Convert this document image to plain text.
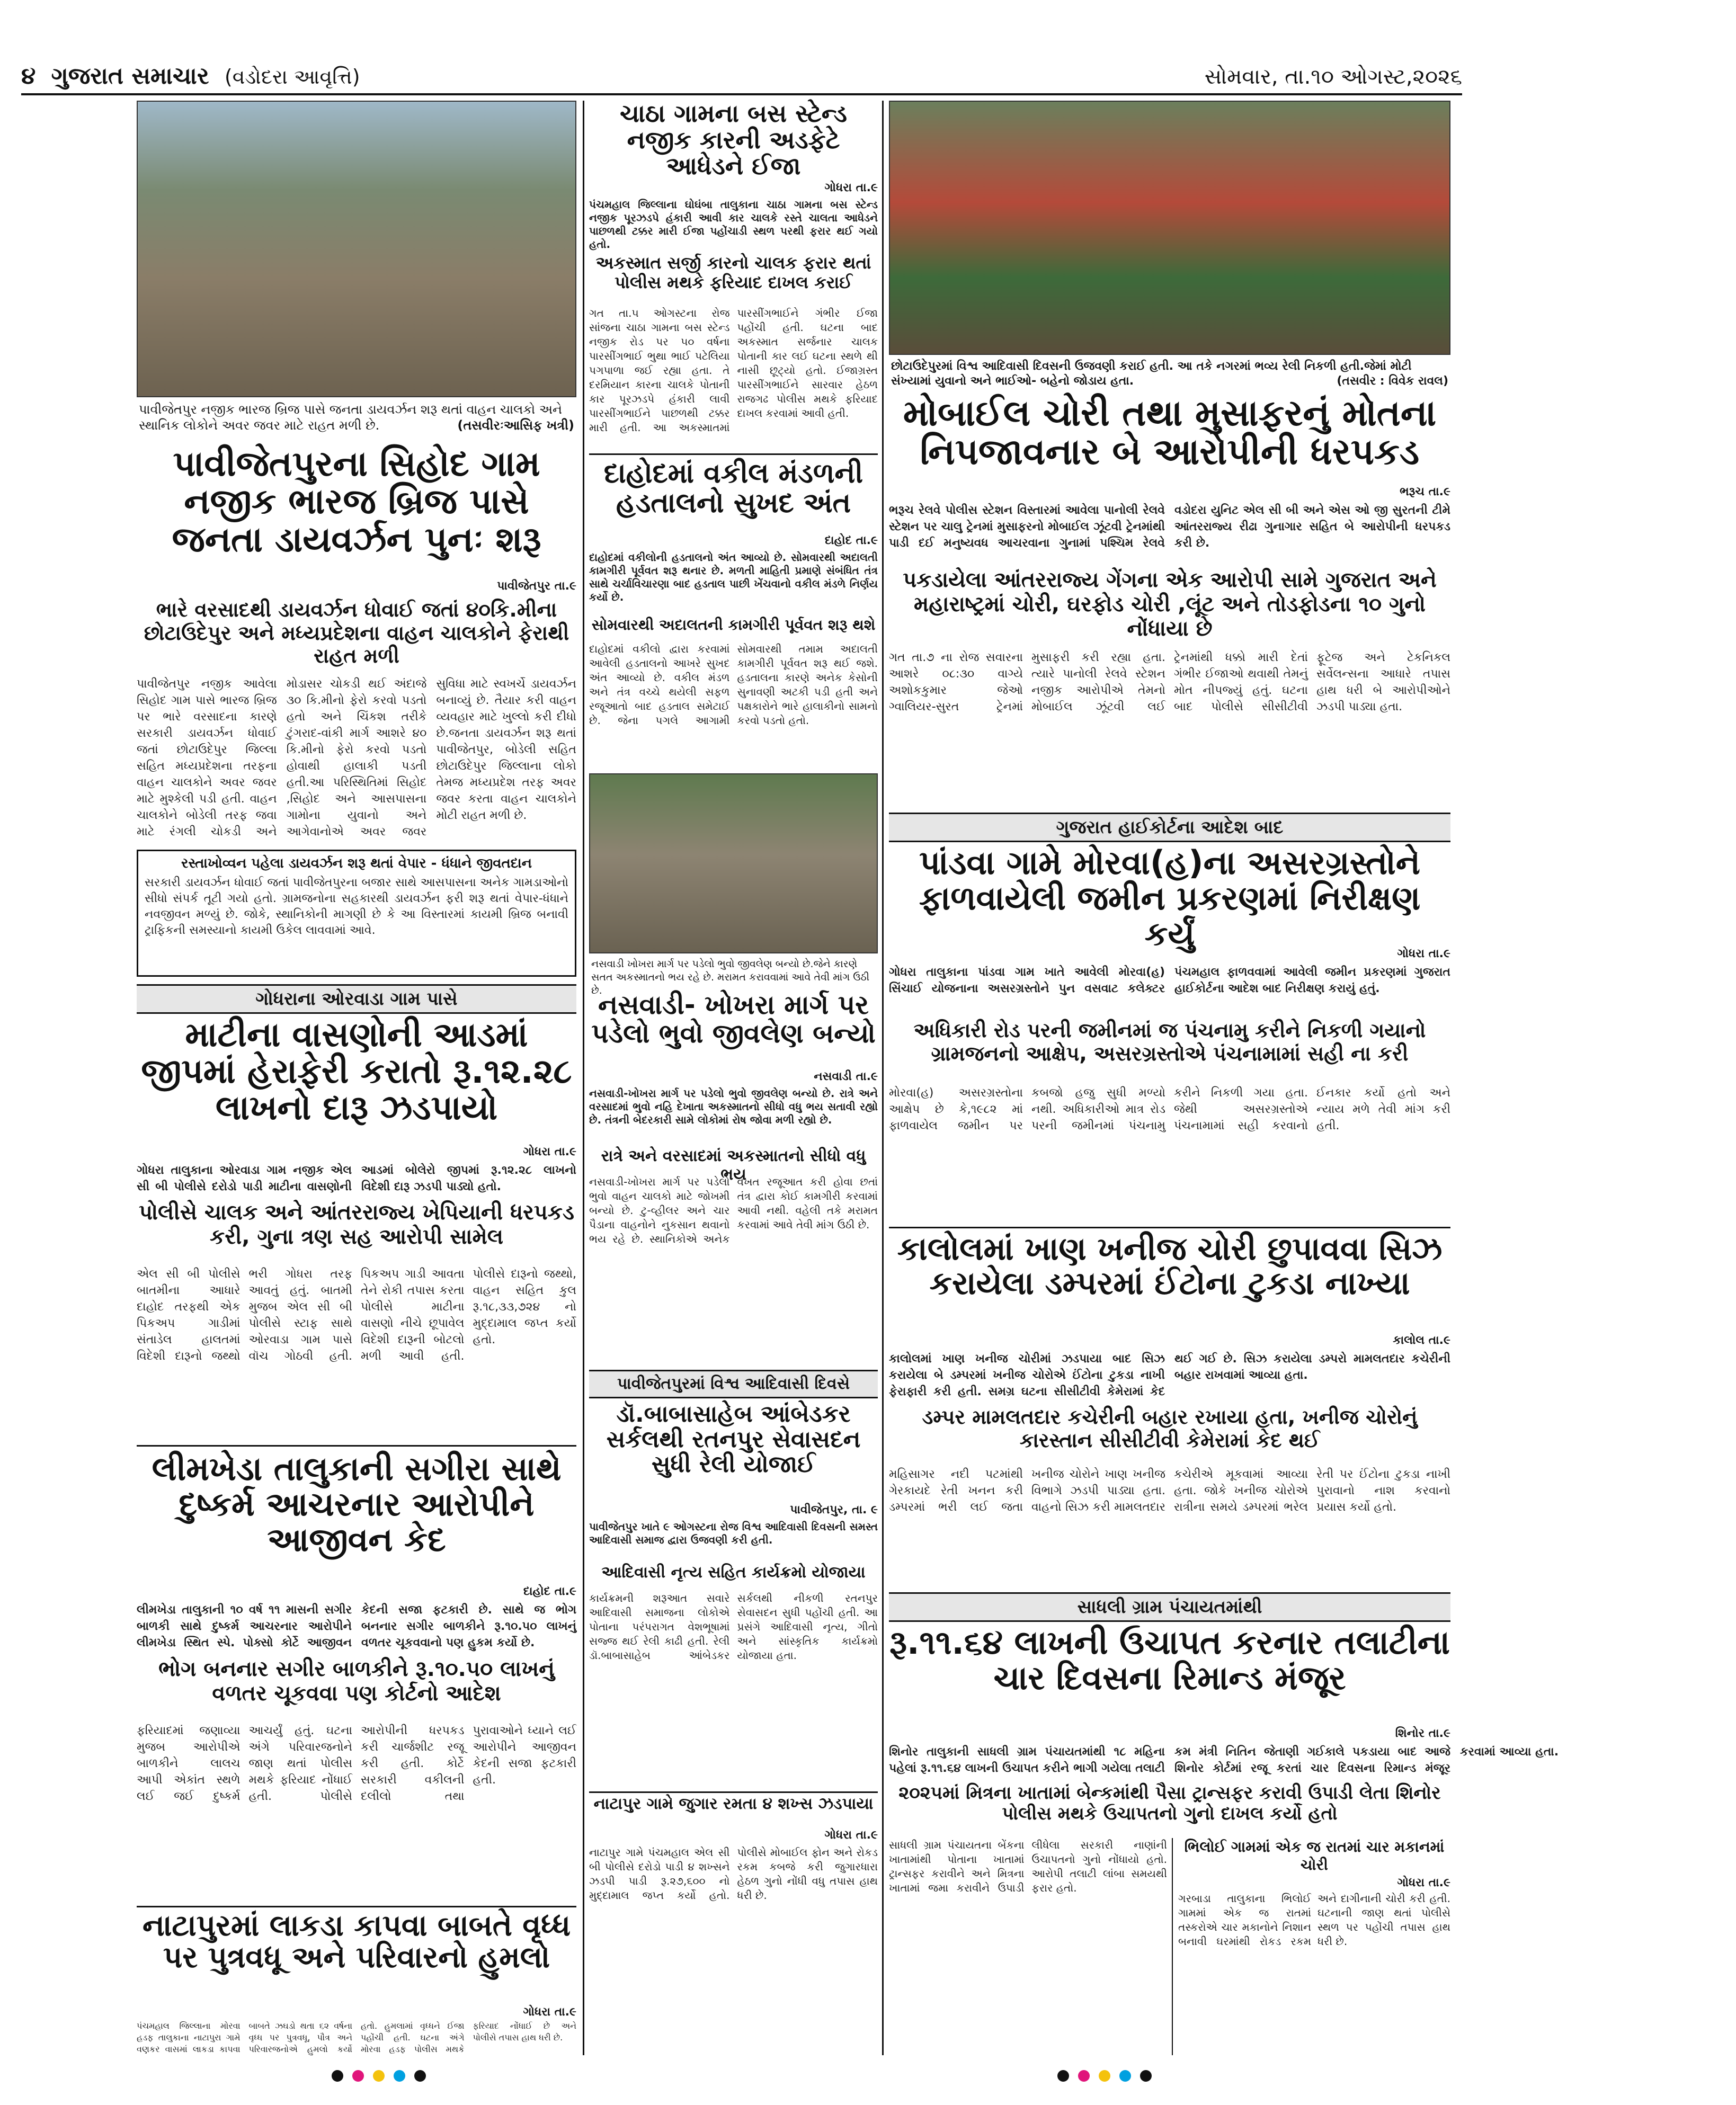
૪ ગુજરાત સમાચાર (વડોદરા આવૃત્તિ)	સોમવાર, તા.૧૦ ઓગસ્ટ,૨૦૨૬
પાવીજેતપુર નજીક ભારજ બ્રિજ પાસે જનતા ડાયવર્ઝન શરૂ થતાં વાહન ચાલકો અને સ્થાનિક લોકોને અવર જવર માટે રાહત મળી છે.	(તસવીરઃઆસિફ ખત્રી)
પાવીજેતપુરના સિહોદ ગામ નજીક ભારજ બ્રિજ પાસે જનતા ડાયવર્ઝન પુનઃ શરૂ
પાવીજેતપુર તા.૯
ભારે વરસાદથી ડાયવર્ઝન ધોવાઈ જતાં ૪૦કિ.મીના છોટાઉદેપુર અને મધ્યપ્રદેશના વાહન ચાલકોને ફેરાથી રાહત મળી
પાવીજેતપુર નજીક આવેલા સિહોદ ગામ પાસે ભારજ બ્રિજ પર ભારે વરસાદના કારણે સરકારી ડાયવર્ઝન ધોવાઈ જતાં છોટાઉદેપુર જિલ્લા સહિત મધ્યપ્રદેશના તરફના વાહન ચાલકોને અવર જવર માટે મુશ્કેલી પડી હતી. વાહન ચાલકોને બોડેલી તરફ જવા માટે રંગલી ચોકડી અને મોડાસર ચોકડી થઈ અંદાજે ૩૦ કિ.મીનો ફેરો કરવો પડતો હતો અને ચિંકશ તરીકે ટુંગરાદ-વાંકી માર્ગ આશરે ૪૦ કિ.મીનો ફેરો કરવો પડતો હોવાથી હાલાકી પડતી હતી.આ પરિસ્થિતિમાં સિહોદ ,સિહોદ અને આસપાસના ગામોના યુવાનો અને આગેવાનોએ અવર જવર સુવિધા માટે સ્વખર્ચે ડાયવર્ઝન બનાવ્યું છે. તૈયાર કરી વાહન વ્યવહાર માટે ખુલ્લો કરી દીધો છે.જનતા ડાયવર્ઝન શરૂ થતાં પાવીજેતપુર, બોડેલી સહિત છોટાઉદેપુર જિલ્લાના લોકો તેમજ મધ્યપ્રદેશ તરફ અવર જવર કરતા વાહન ચાલકોને મોટી રાહત મળી છે.
રસ્તાખોવ્વન પહેલા ડાયવર્ઝન શરૂ થતાં વેપાર - ધંધાને જીવતદાન
સરકારી ડાયવર્ઝન ધોવાઈ જતાં પાવીજેતપુરના બજાર સાથે આસપાસના અનેક ગામડાઓનો સીધો સંપર્ક તૂટી ગયો હતો. ગ્રામજનોના સહકારથી ડાયવર્ઝન ફરી શરૂ થતાં વેપાર-ધંધાને નવજીવન મળ્યું છે. જોકે, સ્થાનિકોની માગણી છે કે આ વિસ્તારમાં કાયમી બ્રિજ બનાવી ટ્રાફિકની સમસ્યાનો કાયમી ઉકેલ લાવવામાં આવે.
ગોધરાના ઓરવાડા ગામ પાસે
માટીના વાસણોની આડમાં જીપમાં હેરાફેરી કરાતો રૂ.૧૨.૨૮ લાખનો દારૂ ઝડપાયો
ગોધરા તા.૯
ગોધરા તાલુકાના ઓરવાડા ગામ નજીક એલ સી બી પોલીસે દરોડો પાડી માટીના વાસણોની આડમાં બોલેરો જીપમાં રૂ.૧૨.૨૮ લાખનો વિદેશી દારૂ ઝડપી પાડ્યો હતો.
પોલીસે ચાલક અને આંતરરાજ્ય ખેપિયાની ધરપકડ કરી, ગુના ત્રણ સહ આરોપી સામેલ
એલ સી બી પોલીસે બાતમીના આધારે દાહોદ તરફથી એક પિકઅપ ગાડીમાં સંતાડેલ હાલતમાં વિદેશી દારૂનો જથ્થો ભરી ગોધરા તરફ આવતું હતું. બાતમી મુજબ એલ સી બી પોલીસે સ્ટાફ સાથે ઓરવાડા ગામ પાસે વૉચ ગોઠવી હતી. પિકઅપ ગાડી આવતા તેને રોકી તપાસ કરતા પોલીસે માટીના વાસણો નીચે છૂપાવેલ વિદેશી દારૂની બોટલો મળી આવી હતી. પોલીસે દારૂનો જથ્થો, વાહન સહિત કુલ રૂ.૧૮,૩૩,૭૨૪ નો મુદ્દામાલ જપ્ત કર્યો હતો.
લીમખેડા તાલુકાની સગીરા સાથે દુષ્કર્મ આચરનાર આરોપીને આજીવન કેદ
દાહોદ તા.૯
લીમખેડા તાલુકાની ૧૦ વર્ષ ૧૧ માસની સગીર બાળકી સાથે દુષ્કર્મ આચરનાર આરોપીને લીમખેડા સ્થિત સ્પે. પોક્સો કોર્ટે આજીવન કેદની સજા ફટકારી છે. સાથે જ ભોગ બનનાર સગીર બાળકીને રૂ.૧૦.૫૦ લાખનું વળતર ચૂકવવાનો પણ હુકમ કર્યો છે.
ભોગ બનનાર સગીર બાળકીને રૂ.૧૦.૫૦ લાખનું વળતર ચૂકવવા પણ કોર્ટનો આદેશ
ફરિયાદમાં જણાવ્યા મુજબ આરોપીએ બાળકીને લાલચ આપી એકાંત સ્થળે લઈ જઈ દુષ્કર્મ આચર્યું હતું. ઘટના અંગે પરિવારજનોને જાણ થતાં પોલીસ મથકે ફરિયાદ નોંધાઈ હતી. પોલીસે આરોપીની ધરપકડ કરી ચાર્જશીટ રજૂ કરી હતી. કોર્ટે સરકારી વકીલની દલીલો તથા પુરાવાઓને ધ્યાને લઈ આરોપીને આજીવન કેદની સજા ફટકારી હતી.
નાટાપુરમાં લાકડા કાપવા બાબતે વૃધ્ધ પર પુત્રવધૂ અને પરિવારનો હુમલો
ગોધરા તા.૯
પંચમહાલ જિલ્લાના મોરવા હડફ તાલુકાના નાટાપુરા ગામે વણકર વાસમાં લાકડા કાપવા બાબતે ઝઘડો થતા ૬૨ વર્ષના વૃધ્ધ પર પુત્રવધૂ, પૌત્ર અને પરિવારજનોએ હુમલો કર્યો હતો. હુમલામાં વૃધ્ધને ઈજા પહોંચી હતી. ઘટના અંગે મોરવા હડફ પોલીસ મથકે ફરિયાદ નોંધાઈ છે અને પોલીસે તપાસ હાથ ધરી છે.
ચાઠા ગામના બસ સ્ટેન્ડ નજીક કારની અડફેટે આધેડને ઈજા
ગોધરા તા.૯
પંચમહાલ જિલ્લાના ઘોઘંબા તાલુકાના ચાઠા ગામના બસ સ્ટેન્ડ નજીક પૂરઝડપે હંકારી આવી કાર ચાલકે રસ્તે ચાલતા આધેડને પાછળથી ટક્કર મારી ઈજા પહોંચાડી સ્થળ પરથી ફરાર થઈ ગયો હતો.
અકસ્માત સર્જી કારનો ચાલક ફરાર થતાં પોલીસ મથકે ફરિયાદ દાખલ કરાઈ
ગત તા.૫ ઓગસ્ટના રોજ સાંજના ચાઠા ગામના બસ સ્ટેન્ડ નજીક રોડ પર ૫૦ વર્ષના પારસીંગભાઈ ભુથા ભાઈ પટેલિયા પગપાળા જઈ રહ્યા હતા. તે દરમિયાન કારના ચાલકે પોતાની કાર પૂરઝડપે હંકારી લાવી પારસીંગભાઈને પાછળથી ટક્કર મારી હતી. આ અકસ્માતમાં પારસીંગભાઈને ગંભીર ઈજા પહોંચી હતી. ઘટના બાદ અકસ્માત સર્જનાર ચાલક પોતાની કાર લઈ ઘટના સ્થળે થી નાસી છૂટ્યો હતો. ઈજાગ્રસ્ત પારસીંગભાઈને સારવાર હેઠળ રાજગઢ પોલીસ મથકે ફરિયાદ દાખલ કરવામાં આવી હતી.
દાહોદમાં વકીલ મંડળની હડતાલનો સુખદ અંત
દાહોદ તા.૯
દાહોદમાં વકીલોની હડતાલનો અંત આવ્યો છે. સોમવારથી અદાલતી કામગીરી પૂર્વવત શરૂ થનાર છે. મળતી માહિતી પ્રમાણે સંબંધિત તંત્ર સાથે ચર્ચાવિચારણા બાદ હડતાલ પાછી ખેંચવાનો વકીલ મંડળે નિર્ણય કર્યો છે.
સોમવારથી અદાલતની કામગીરી પૂર્વવત શરૂ થશે
દાહોદમાં વકીલો દ્વારા કરવામાં આવેલી હડતાલનો આખરે સુખદ અંત આવ્યો છે. વકીલ મંડળ અને તંત્ર વચ્ચે થયેલી સફળ રજૂઆતો બાદ હડતાલ સમેટાઈ છે. જેના પગલે આગામી સોમવારથી તમામ અદાલતી કામગીરી પૂર્વવત શરૂ થઈ જશે. હડતાલના કારણે અનેક કેસોની સુનાવણી અટકી પડી હતી અને પક્ષકારોને ભારે હાલાકીનો સામનો કરવો પડતો હતો.
નસવાડી ખોખરા માર્ગ પર પડેલો ભુવો જીવલેણ બન્યો છે.જેને કારણે સતત અકસ્માતનો ભય રહે છે. મરામત કરાવવામાં આવે તેવી માંગ ઉઠી છે.
નસવાડી- ખોખરા માર્ગ પર પડેલો ભુવો જીવલેણ બન્યો
નસવાડી તા.૯
નસવાડી-ખોખરા માર્ગ પર પડેલો ભુવો જીવલેણ બન્યો છે. રાત્રે અને વરસાદમાં ભુવો નહિ દેખાતા અકસ્માતનો સીધો વધુ ભય સતાવી રહ્યો છે. તંત્રની બેદરકારી સામે લોકોમાં રોષ જોવા મળી રહ્યો છે.
રાત્રે અને વરસાદમાં અકસ્માતનો સીધો વધુ ભય
નસવાડી-ખોખરા માર્ગ પર પડેલો ભુવો વાહન ચાલકો માટે જોખમી બન્યો છે. ટુ-વ્હીલર અને ચાર પૈડાના વાહનોને નુકસાન થવાનો ભય રહે છે. સ્થાનિકોએ અનેક વખત રજૂઆત કરી હોવા છતાં તંત્ર દ્વારા કોઈ કામગીરી કરવામાં આવી નથી. વહેલી તકે મરામત કરવામાં આવે તેવી માંગ ઉઠી છે.
પાવીજેતપુરમાં વિશ્વ આદિવાસી દિવસે
ડૉ.બાબાસાહેબ આંબેડકર સર્કલથી રતનપુર સેવાસદન સુધી રેલી યોજાઈ
પાવીજેતપુર, તા. ૯
પાવીજેતપુર ખાતે ૯ ઓગસ્ટના રોજ વિશ્વ આદિવાસી દિવસની સમસ્ત આદિવાસી સમાજ દ્વારા ઉજવણી કરી હતી.
આદિવાસી નૃત્ય સહિત કાર્યક્રમો યોજાયા
કાર્યક્રમની શરૂઆત સવારે આદિવાસી સમાજના લોકોએ પોતાના પરંપરાગત વેશભૂષામાં સજ્જ થઈ રેલી કાઢી હતી. રેલી ડૉ.બાબાસાહેબ આંબેડકર સર્કલથી નીકળી રતનપુર સેવાસદન સુધી પહોંચી હતી. આ પ્રસંગે આદિવાસી નૃત્ય, ગીતો અને સાંસ્કૃતિક કાર્યક્રમો યોજાયા હતા.
નાટાપુર ગામે જુગાર રમતા ૪ શખ્સ ઝડપાયા
ગોધરા તા.૯
નાટાપુર ગામે પંચમહાલ એલ સી બી પોલીસે દરોડો પાડી ૪ શખ્સને ઝડપી પાડી રૂ.૨૭,૬૦૦ નો મુદ્દામાલ જપ્ત કર્યો હતો. પોલીસે મોબાઈલ ફોન અને રોકડ રકમ કબજે કરી જુગારધારા હેઠળ ગુનો નોંધી વધુ તપાસ હાથ ધરી છે.
છોટાઉદેપુરમાં વિશ્વ આદિવાસી દિવસની ઉજવણી કરાઈ હતી. આ તકે નગરમાં ભવ્ય રેલી નિકળી હતી.જેમાં મોટી સંખ્યામાં યુવાનો અને ભાઈઓ- બહેનો જોડાય હતા.	(તસવીર : વિવેક રાવલ)
મોબાઈલ ચોરી તથા મુસાફરનું મોતના નિપજાવનાર બે આરોપીની ધરપકડ
ભરૂચ તા.૯
ભરૂચ રેલવે પોલીસ સ્ટેશન વિસ્તારમાં આવેલા પાનોલી રેલવે સ્ટેશન પર ચાલુ ટ્રેનમાં મુસાફરનો મોબાઈલ ઝૂંટવી ટ્રેનમાંથી પાડી દઈ મનુષ્યવધ આચરવાના ગુનામાં પશ્ચિમ રેલવે વડોદરા યુનિટ એલ સી બી અને એસ ઓ જી સુરતની ટીમે આંતરરાજ્ય રીઢા ગુનાગાર સહિત બે આરોપીની ધરપકડ કરી છે.
પકડાયેલા આંતરરાજ્ય ગેંગના એક આરોપી સામે ગુજરાત અને મહારાષ્ટ્રમાં ચોરી, ઘરફોડ ચોરી ,લૂંટ અને તોડફોડના ૧૦ ગુનો નોંધાયા છે
ગત તા.૭ ના રોજ સવારના આશરે ૦૮:૩૦ વાગ્યે અશોકકુમાર જેઓ ગ્વાલિયર-સુરત ટ્રેનમાં મુસાફરી કરી રહ્યા હતા. ત્યારે પાનોલી રેલવે સ્ટેશન નજીક આરોપીએ તેમનો મોબાઈલ ઝૂંટવી લઈ ટ્રેનમાંથી ધક્કો મારી દેતાં ગંભીર ઈજાઓ થવાથી તેમનું મોત નીપજ્યું હતું. ઘટના બાદ પોલીસે સીસીટીવી ફૂટેજ અને ટેકનિકલ સર્વેલન્સના આધારે તપાસ હાથ ધરી બે આરોપીઓને ઝડપી પાડ્યા હતા.
ગુજરાત હાઈકોર્ટના આદેશ બાદ
પાંડવા ગામે મોરવા(હ)ના અસરગ્રસ્તોને ફાળવાયેલી જમીન પ્રકરણમાં નિરીક્ષણ કર્યું
ગોધરા તા.૯
ગોધરા તાલુકાના પાંડવા ગામ ખાતે આવેલી મોરવા(હ) સિંચાઈ યોજનાના અસરગ્રસ્તોને પુન વસવાટ કલેક્ટર પંચમહાલ ફાળવવામાં આવેલી જમીન પ્રકરણમાં ગુજરાત હાઈકોર્ટના આદેશ બાદ નિરીક્ષણ કરાયું હતું.
અધિકારી રોડ પરની જમીનમાં જ પંચનામુ કરીને નિકળી ગયાનો ગ્રામજનનો આક્ષેપ, અસરગ્રસ્તોએ પંચનામામાં સહી ના કરી
મોરવા(હ) અસરગ્રસ્તોના આક્ષેપ છે કે,૧૯૮૨ માં ફાળવાયેલ જમીન પર કબજો હજુ સુધી મળ્યો નથી. અધિકારીઓ માત્ર રોડ પરની જમીનમાં પંચનામુ કરીને નિકળી ગયા હતા. જેથી અસરગ્રસ્તોએ પંચનામામાં સહી કરવાનો ઈનકાર કર્યો હતો અને ન્યાય મળે તેવી માંગ કરી હતી.
કાલોલમાં ખાણ ખનીજ ચોરી છુપાવવા સિઝ કરાયેલા ડમ્પરમાં ઈંટોના ટુકડા નાખ્યા
કાલોલ તા.૯
કાલોલમાં ખાણ ખનીજ ચોરીમાં ઝડપાયા બાદ સિઝ કરાયેલા બે ડમ્પરમાં ખનીજ ચોરોએ ઈંટોના ટુકડા નાખી ફેરાફારી કરી હતી. સમગ્ર ઘટના સીસીટીવી કેમેરામાં કેદ થઈ ગઈ છે. સિઝ કરાયેલા ડમ્પરો મામલતદાર કચેરીની બહાર રાખવામાં આવ્યા હતા.
ડમ્પર મામલતદાર કચેરીની બહાર રખાયા હતા, ખનીજ ચોરોનું કારસ્તાન સીસીટીવી કેમેરામાં કેદ થઈ
મહિસાગર નદી પટમાંથી ગેરકાયદે રેતી ખનન કરી ડમ્પરમાં ભરી લઈ જતા ખનીજ ચોરોને ખાણ ખનીજ વિભાગે ઝડપી પાડ્યા હતા. વાહનો સિઝ કરી મામલતદાર કચેરીએ મૂકવામાં આવ્યા હતા. જોકે ખનીજ ચોરોએ રાત્રીના સમયે ડમ્પરમાં ભરેલ રેતી પર ઈંટોના ટુકડા નાખી પુરાવાનો નાશ કરવાનો પ્રયાસ કર્યો હતો.
સાધલી ગ્રામ પંચાયતમાંથી
રૂ.૧૧.૬૪ લાખની ઉચાપત કરનાર તલાટીના ચાર દિવસના રિમાન્ડ મંજૂર
શિનોર તા.૯
શિનોર તાલુકાની સાધલી ગ્રામ પંચાયતમાંથી ૧૮ મહિના પહેલાં રૂ.૧૧.૬૪ લાખની ઉચાપત કરીને ભાગી ગયેલા તલાટી કમ મંત્રી નિતિન જેતાણી ગઈકાલે પકડાયા બાદ આજે શિનોર કોર્ટમાં રજૂ કરતાં ચાર દિવસના રિમાન્ડ મંજૂર કરવામાં આવ્યા હતા.
૨૦૨૫માં મિત્રના ખાતામાં બેન્કમાંથી પૈસા ટ્રાન્સફર કરાવી ઉપાડી લેતા શિનોર પોલીસ મથકે ઉચાપતનો ગુનો દાખલ કર્યો હતો
સાધલી ગ્રામ પંચાયતના બેંકના ખાતામાંથી પોતાના ખાતામાં ટ્રાન્સફર કરાવીને અને મિત્રના ખાતામાં જમા કરાવીને ઉપાડી લીધેલા સરકારી નાણાંની ઉચાપતનો ગુનો નોંધાયો હતો. આરોપી તલાટી લાંબા સમયથી ફરાર હતો.
ભિલોઈ ગામમાં એક જ રાતમાં ચાર મકાનમાં ચોરી
ગોધરા તા.૯
ગરબાડા તાલુકાના ભિલોઈ ગામમાં એક જ રાતમાં તસ્કરોએ ચાર મકાનોને નિશાન બનાવી ઘરમાંથી રોકડ રકમ અને દાગીનાની ચોરી કરી હતી. ઘટનાની જાણ થતાં પોલીસે સ્થળ પર પહોંચી તપાસ હાથ ધરી છે.
